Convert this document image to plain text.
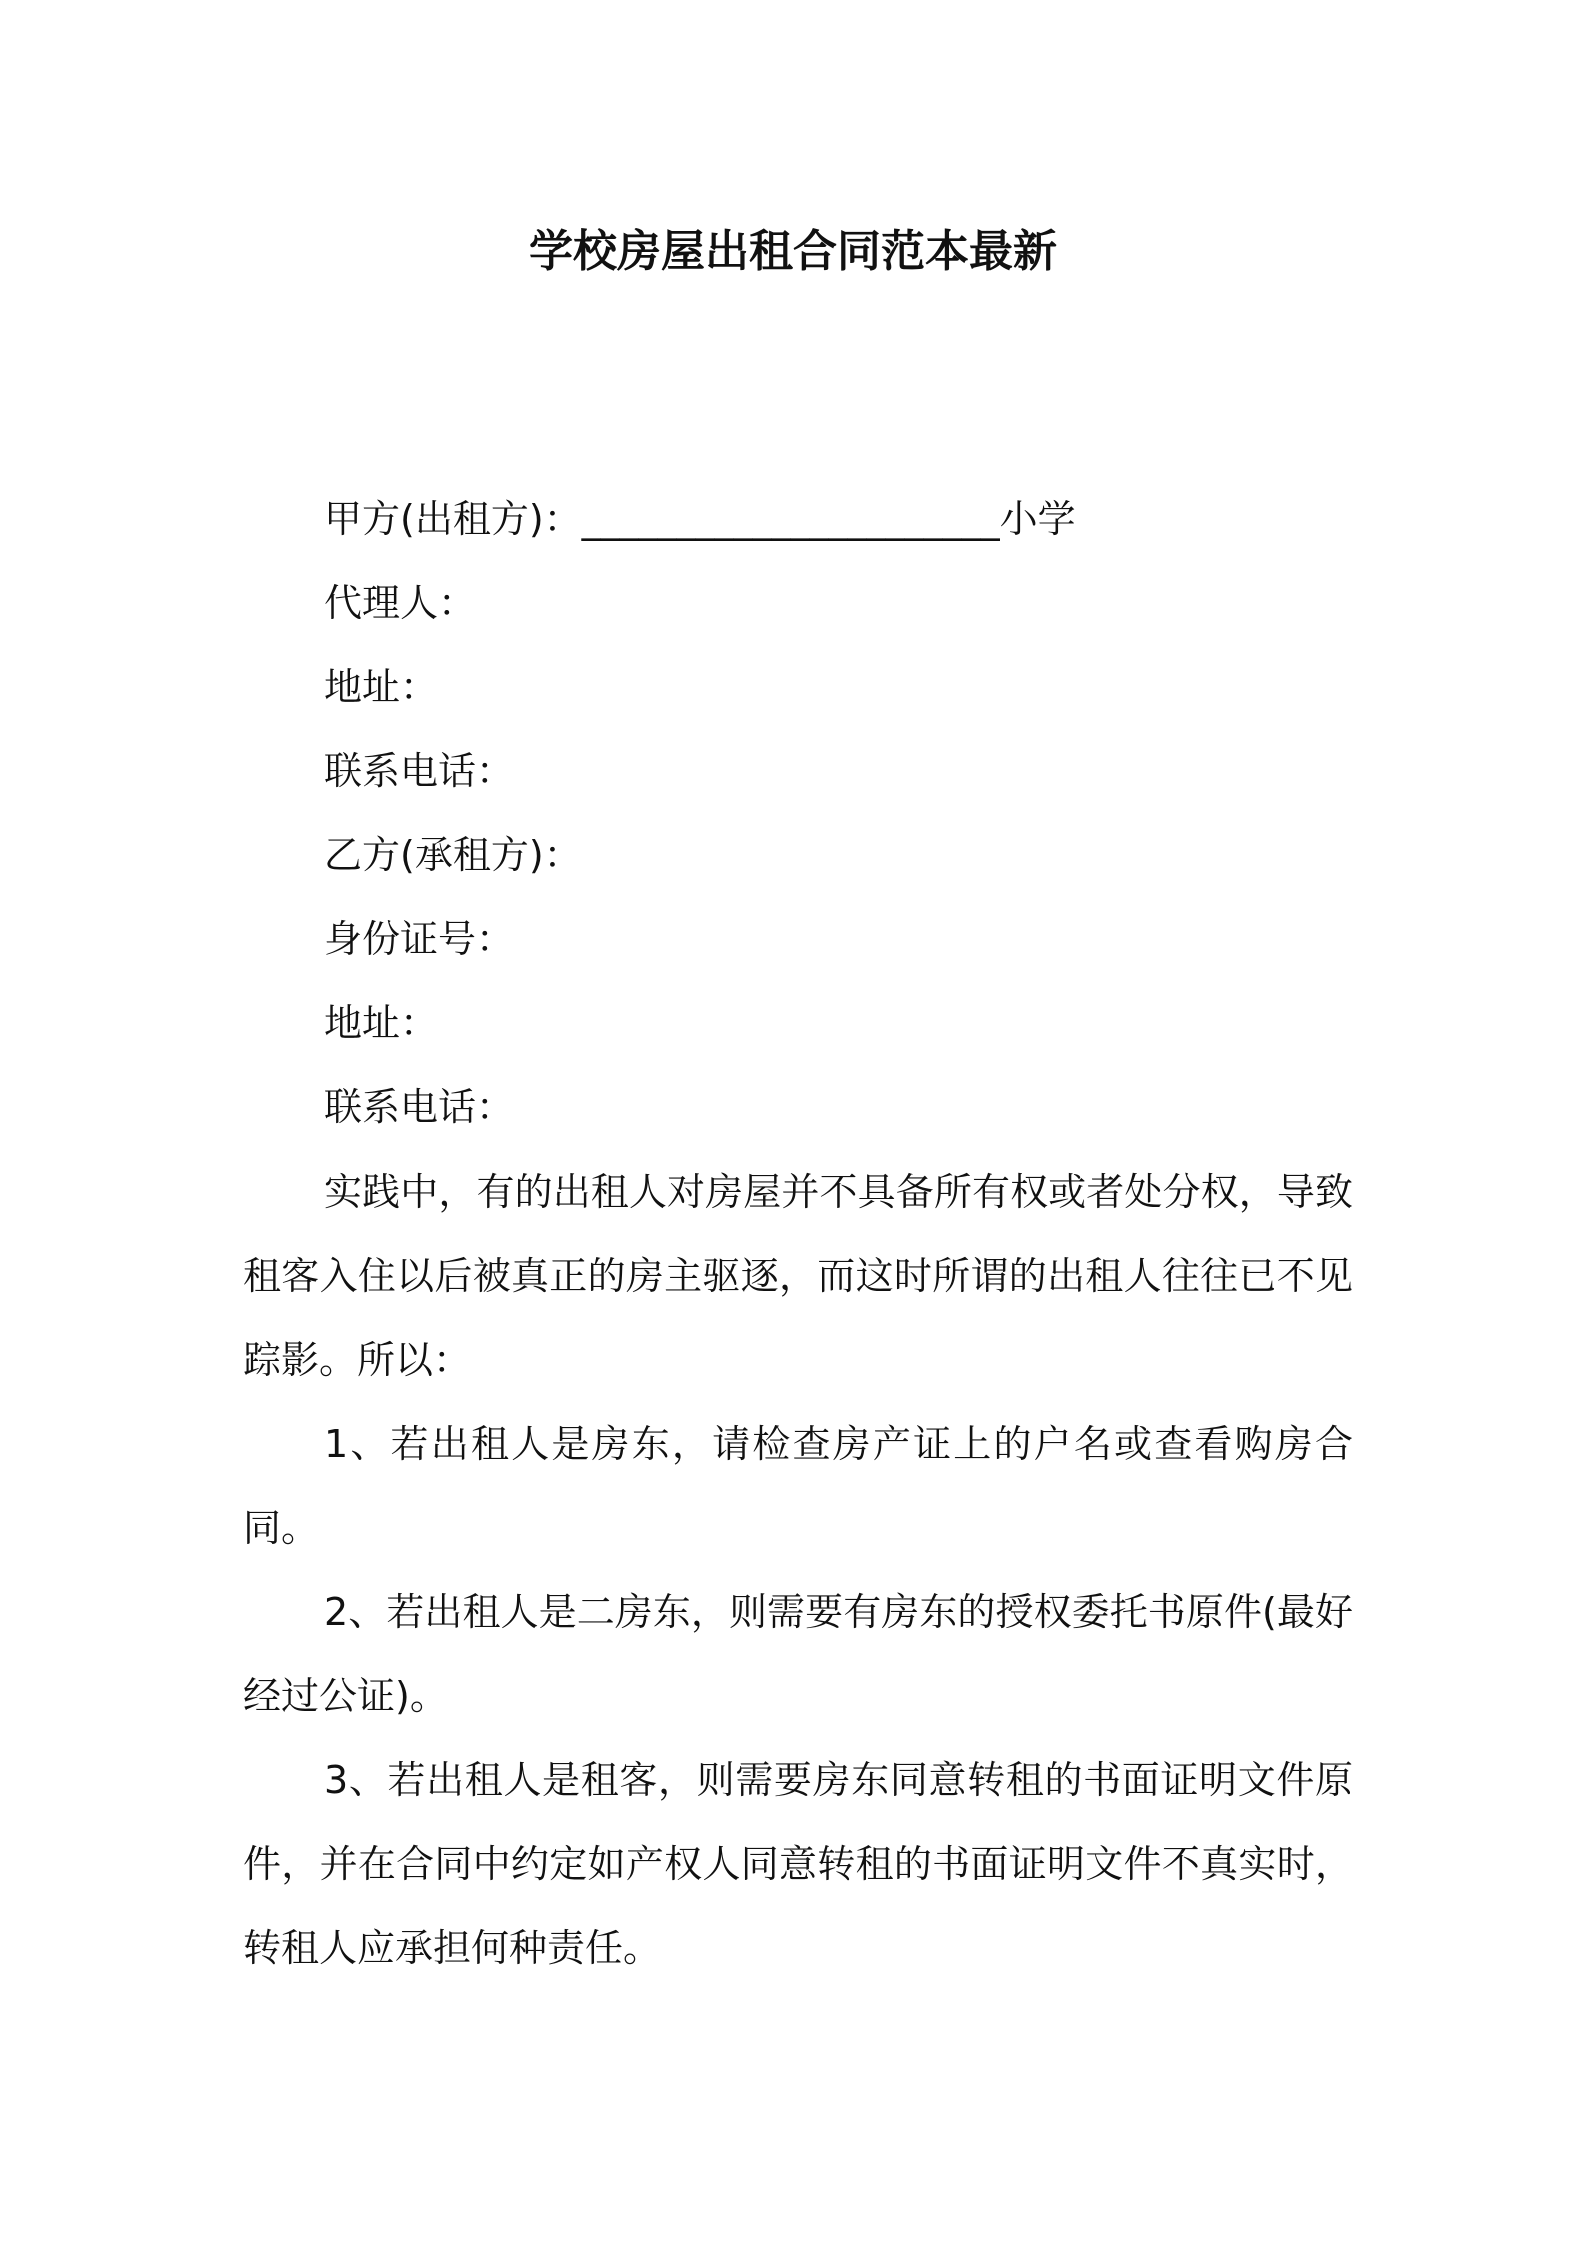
学校房屋出租合同范本最新
甲方(出租方)：______________________小学
代理人：
地址：
联系电话：
乙方(承租方)：
身份证号：
地址：
联系电话：

实践中，有的出租人对房屋并不具备所有权或者处分权，导致租客入住以后被真正的房主驱逐，而这时所谓的出租人往往已不见踪影。所以：

1、若出租人是房东，请检查房产证上的户名或查看购房合同。

2、若出租人是二房东，则需要有房东的授权委托书原件(最好经过公证)。

3、若出租人是租客，则需要房东同意转租的书面证明文件原件，并在合同中约定如产权人同意转租的书面证明文件不真实时，转租人应承担何种责任。
